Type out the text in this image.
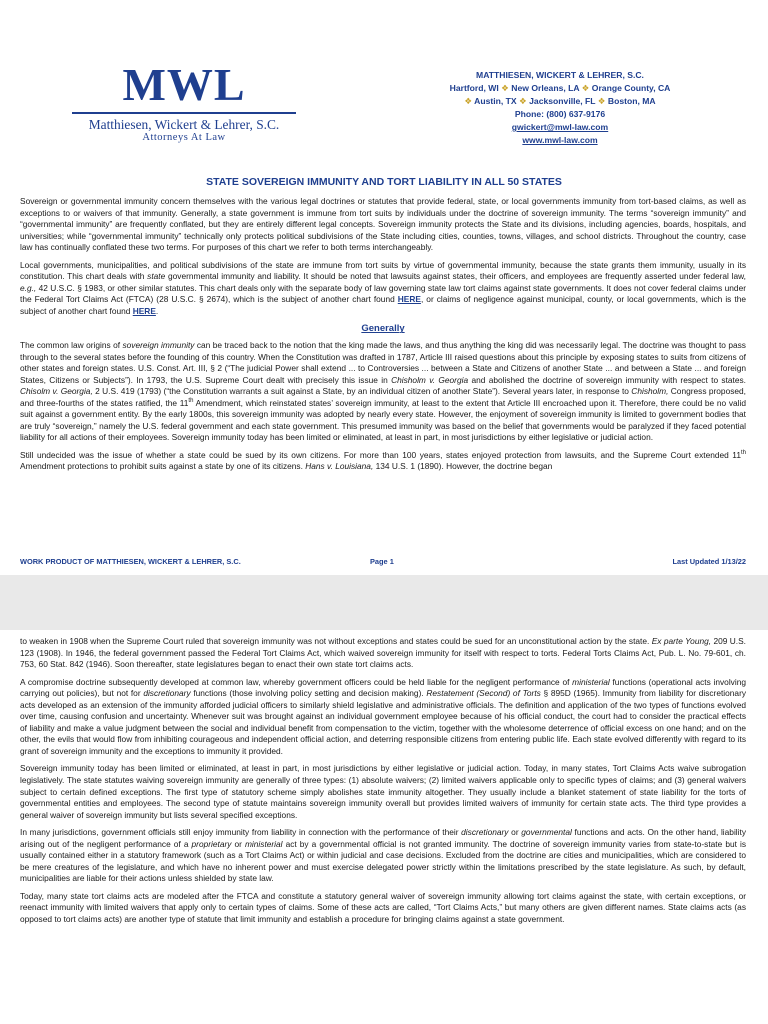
MWL
Matthiesen, Wickert & Lehrer, S.C.
Attorneys At Law
MATTHIESEN, WICKERT & LEHRER, S.C.
Hartford, WI ❖ New Orleans, LA ❖ Orange County, CA
❖ Austin, TX ❖ Jacksonville, FL ❖ Boston, MA
Phone: (800) 637-9176
gwickert@mwl-law.com
www.mwl-law.com
STATE SOVEREIGN IMMUNITY AND TORT LIABILITY IN ALL 50 STATES

Sovereign or governmental immunity concern themselves with the various legal doctrines or statutes that provide federal, state, or local governments immunity from tort-based claims, as well as exceptions to or waivers of that immunity. Generally, a state government is immune from tort suits by individuals under the doctrine of sovereign immunity. The terms “sovereign immunity” and “governmental immunity” are frequently conflated, but they are entirely different legal concepts. Sovereign immunity protects the State and its divisions, including agencies, boards, hospitals, and universities; while “governmental immunity” technically only protects political subdivisions of the State including cities, counties, towns, villages, and school districts. Throughout the country, case law has continually conflated these two terms. For purposes of this chart we refer to both terms interchangeably.

Local governments, municipalities, and political subdivisions of the state are immune from tort suits by virtue of governmental immunity, because the state grants them immunity, usually in its constitution. This chart deals with state governmental immunity and liability. It should be noted that lawsuits against states, their officers, and employees are frequently asserted under federal law, e.g., 42 U.S.C. § 1983, or other similar statutes. This chart deals only with the separate body of law governing state law tort claims against state governments. It does not cover federal claims under the Federal Tort Claims Act (FTCA) (28 U.S.C. § 2674), which is the subject of another chart found HERE, or claims of negligence against municipal, county, or local governments, which is the subject of another chart found HERE.

Generally

The common law origins of sovereign immunity can be traced back to the notion that the king made the laws, and thus anything the king did was necessarily legal. The doctrine was thought to pass through to the several states before the founding of this country. When the Constitution was drafted in 1787, Article III raised questions about this principle by exposing states to suits from citizens of other states and foreign states. U.S. Const. Art. III, § 2 (“The judicial Power shall extend ... to Controversies ... between a State and Citizens of another State ... and between a State ... and foreign States, Citizens or Subjects”). In 1793, the U.S. Supreme Court dealt with precisely this issue in Chisholm v. Georgia and abolished the doctrine of sovereign immunity with respect to states. Chisolm v. Georgia, 2 U.S. 419 (1793) (“the Constitution warrants a suit against a State, by an individual citizen of another State”). Several years later, in response to Chisholm, Congress proposed, and three-fourths of the states ratified, the 11th Amendment, which reinstated states’ sovereign immunity, at least to the extent that Article III encroached upon it. Therefore, there could be no valid suit against a government entity. By the early 1800s, this sovereign immunity was adopted by nearly every state. However, the enjoyment of sovereign immunity is limited to government bodies that are truly “sovereign,” namely the U.S. federal government and each state government. This presumed immunity was based on the belief that governments would be paralyzed if they faced potential liability for all actions of their employees. Sovereign immunity today has been limited or eliminated, at least in part, in most jurisdictions by either legislative or judicial action.

Still undecided was the issue of whether a state could be sued by its own citizens. For more than 100 years, states enjoyed protection from lawsuits, and the Supreme Court extended 11th Amendment protections to prohibit suits against a state by one of its citizens. Hans v. Louisiana, 134 U.S. 1 (1890). However, the doctrine began

WORK PRODUCT OF MATTHIESEN, WICKERT & LEHRER, S.C.	Page 1	Last Updated 1/13/22

to weaken in 1908 when the Supreme Court ruled that sovereign immunity was not without exceptions and states could be sued for an unconstitutional action by the state. Ex parte Young, 209 U.S. 123 (1908). In 1946, the federal government passed the Federal Tort Claims Act, which waived sovereign immunity for itself with respect to torts. Federal Torts Claims Act, Pub. L. No. 79-601, ch. 753, 60 Stat. 842 (1946). Soon thereafter, state legislatures began to enact their own state tort claims acts.

A compromise doctrine subsequently developed at common law, whereby government officers could be held liable for the negligent performance of ministerial functions (operational acts involving carrying out policies), but not for discretionary functions (those involving policy setting and decision making). Restatement (Second) of Torts § 895D (1965). Immunity from liability for discretionary acts developed as an extension of the immunity afforded judicial officers to similarly shield legislative and administrative officials. The definition and application of the two types of functions evolved over time, causing confusion and uncertainty. Whenever suit was brought against an individual government employee because of his official conduct, the court had to consider the practical effects of liability and make a value judgment between the social and individual benefit from compensation to the victim, together with the wholesome deterrence of official excess on one hand; and on the other, the evils that would flow from inhibiting courageous and independent official action, and deterring responsible citizens from entering public life. Each state evolved differently with regard to its grant of sovereign immunity and the exceptions to immunity it provided.

Sovereign immunity today has been limited or eliminated, at least in part, in most jurisdictions by either legislative or judicial action. Today, in many states, Tort Claims Acts waive subrogation legislatively. The state statutes waiving sovereign immunity are generally of three types: (1) absolute waivers; (2) limited waivers applicable only to specific types of claims; and (3) general waivers subject to certain defined exceptions. The first type of statutory scheme simply abolishes state immunity altogether. They usually include a blanket statement of state liability for the torts of governmental entities and employees. The second type of statute maintains sovereign immunity overall but provides limited waivers of immunity for certain state acts. The third type provides a general waiver of sovereign immunity but lists several specified exceptions.

In many jurisdictions, government officials still enjoy immunity from liability in connection with the performance of their discretionary or governmental functions and acts. On the other hand, liability arising out of the negligent performance of a proprietary or ministerial act by a governmental official is not granted immunity. The doctrine of sovereign immunity varies from state-to-state but is usually contained either in a statutory framework (such as a Tort Claims Act) or within judicial and case decisions. Excluded from the doctrine are cities and municipalities, which are considered to be mere creatures of the legislature, and which have no inherent power and must exercise delegated power strictly within the limitations prescribed by the state legislature. As such, by default, municipalities are liable for their actions unless shielded by state law.

Today, many state tort claims acts are modeled after the FTCA and constitute a statutory general waiver of sovereign immunity allowing tort claims against the state, with certain exceptions, or reenact immunity with limited waivers that apply only to certain types of claims. Some of these acts are called, “Tort Claims Acts,” but many others are given different names. State claims acts (as opposed to tort claims acts) are another type of statute that limit immunity and establish a procedure for bringing claims against a state government.
